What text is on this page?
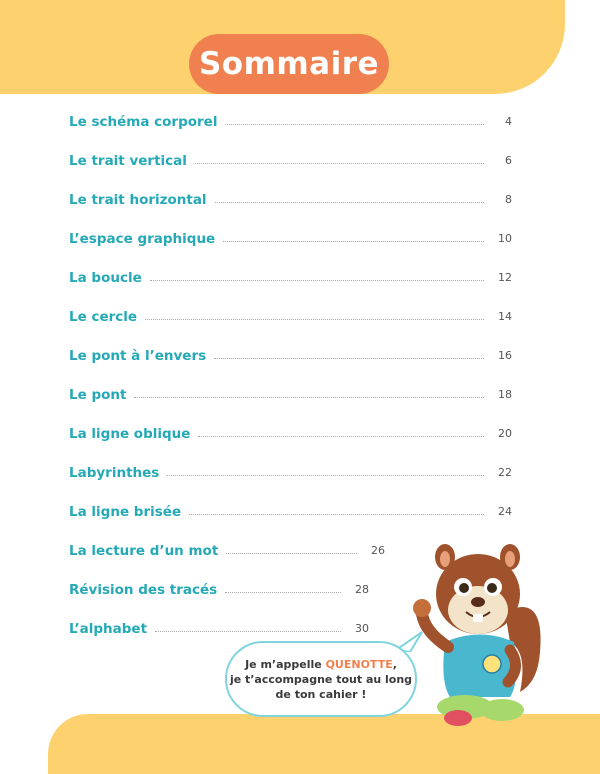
Sommaire
Le schéma corporel	4
Le trait vertical	6
Le trait horizontal	8
L’espace graphique	10
La boucle	12
Le cercle	14
Le pont à l’envers	16
Le pont	18
La ligne oblique	20
Labyrinthes	22
La ligne brisée	24
La lecture d’un mot	26
Révision des tracés	28
L’alphabet	30
Je m’appelle QUENOTTE,
je t’accompagne tout au long
de ton cahier !
